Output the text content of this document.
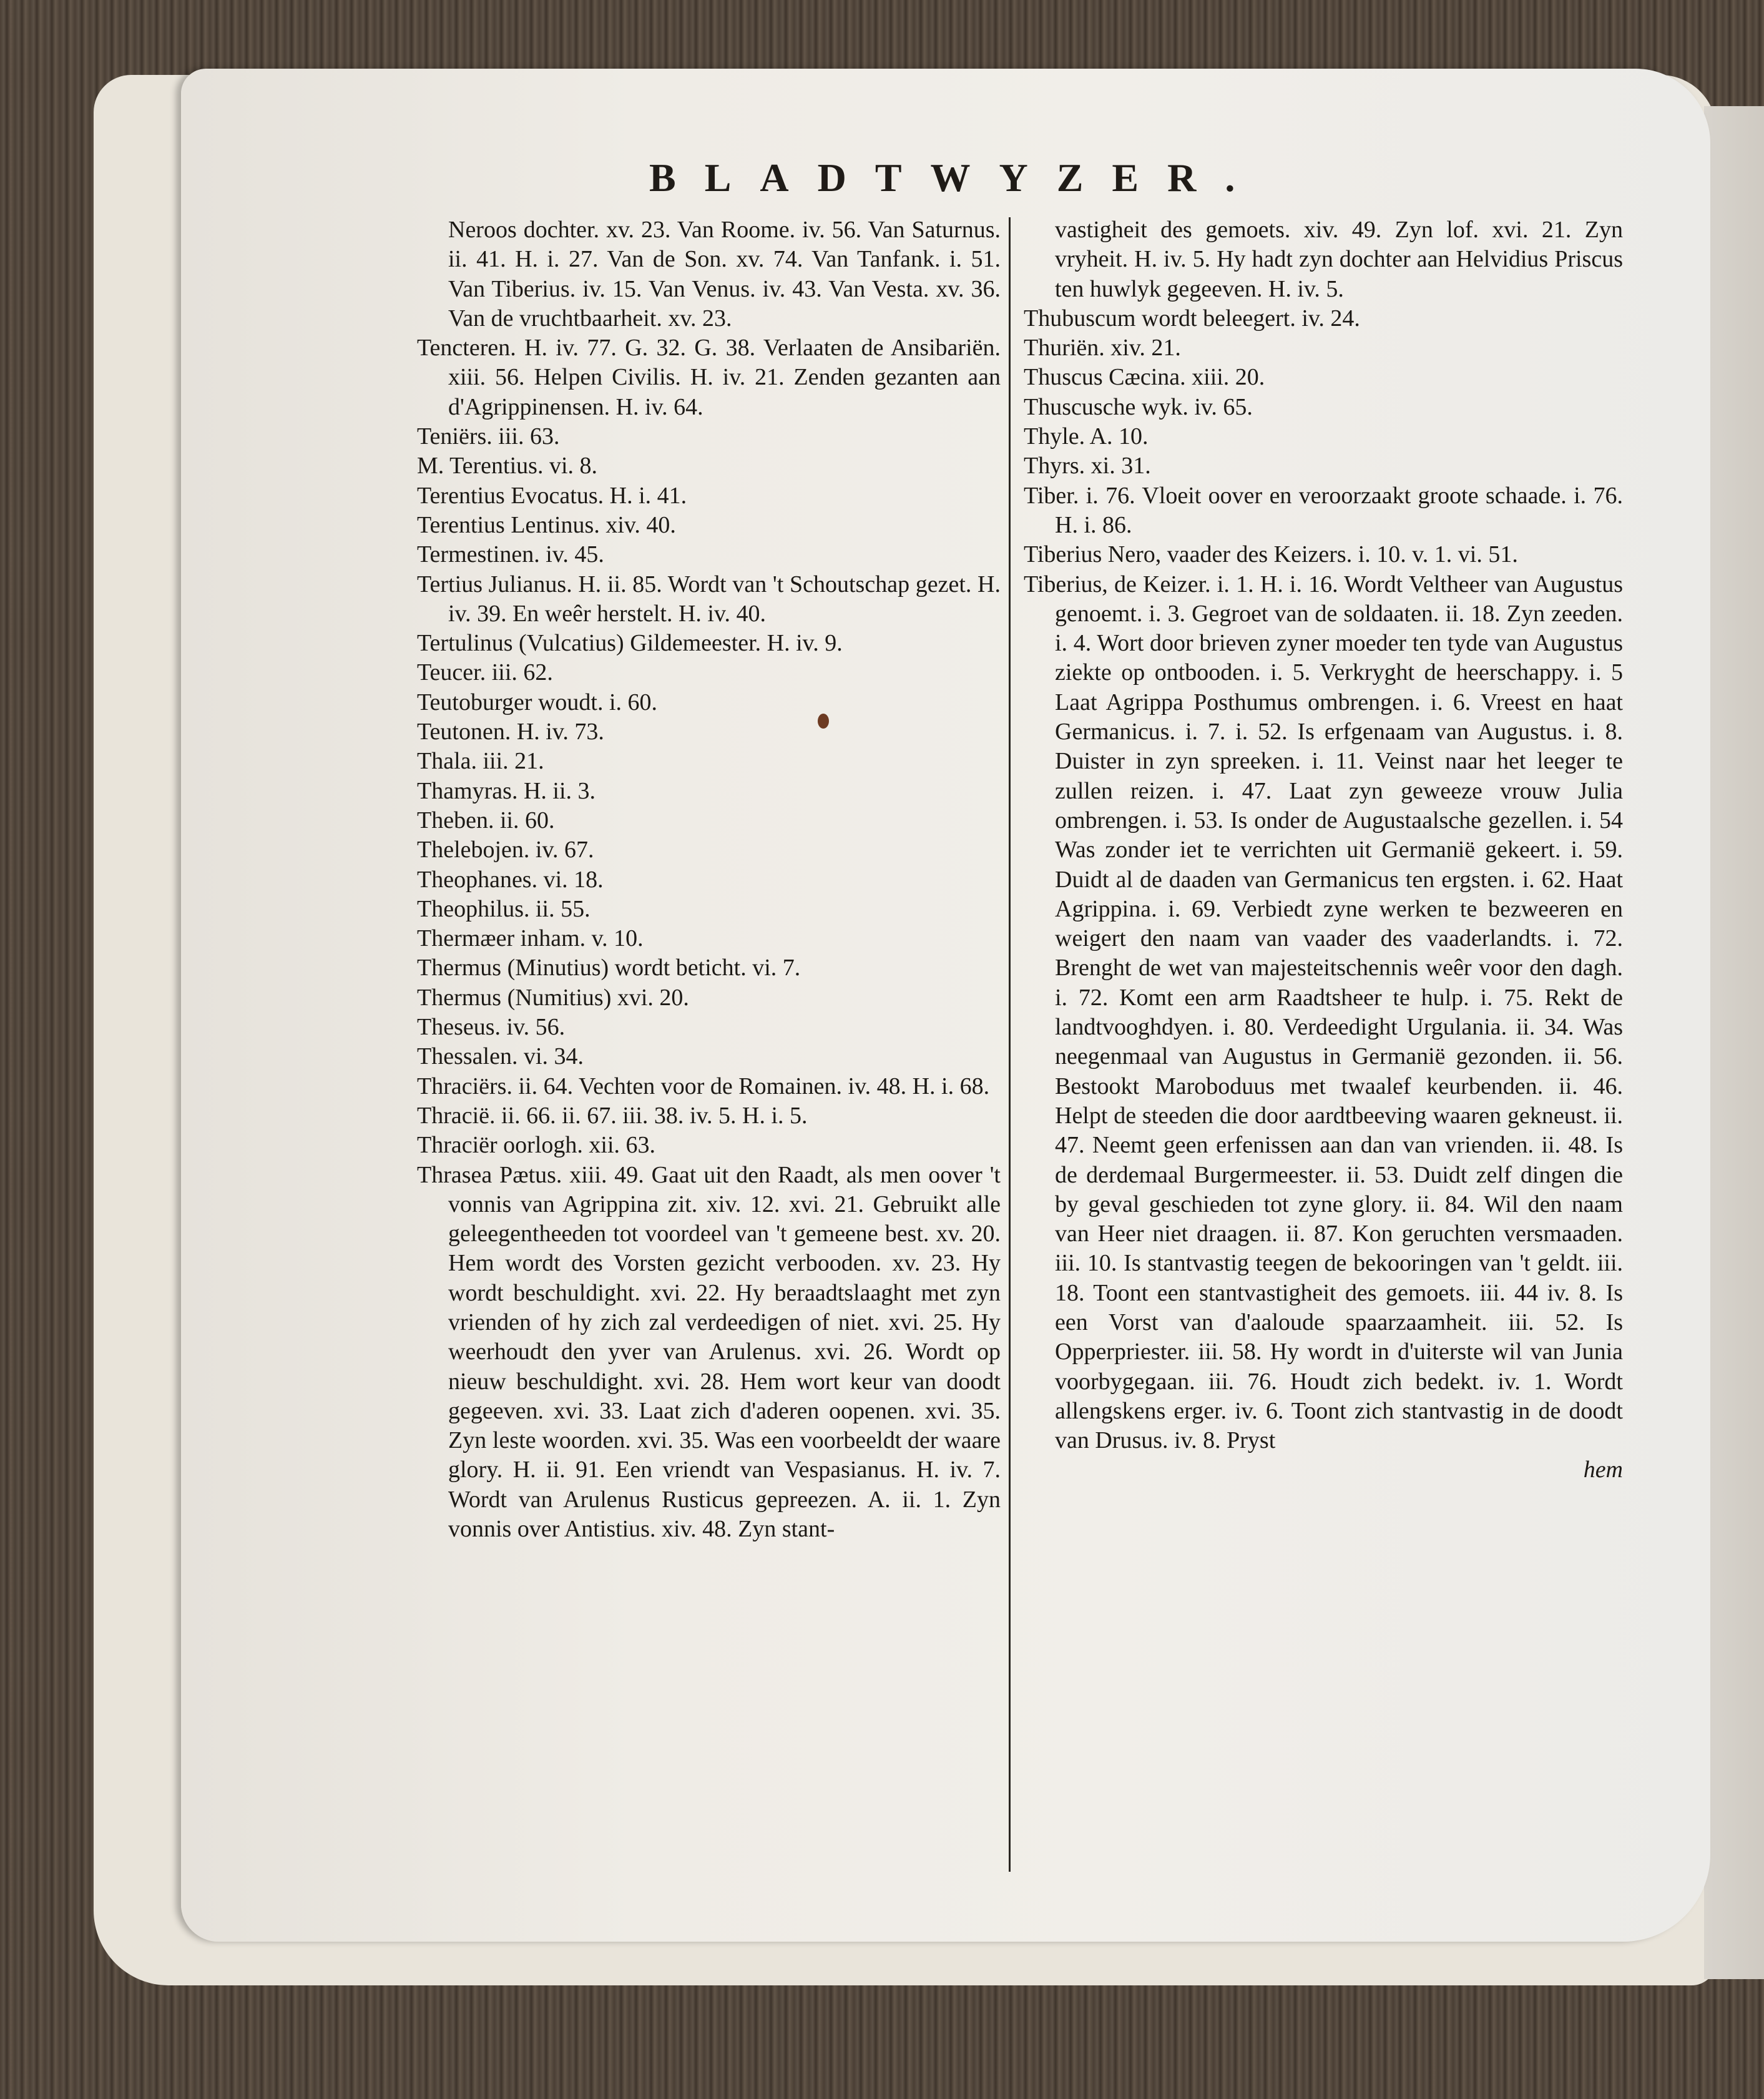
BLADTWYZER.

Neroos dochter. xv. 23. Van Roome. iv. 56. Van Saturnus. ii. 41. H. i. 27. Van de Son. xv. 74. Van Tanfank. i. 51. Van Tiberius. iv. 15. Van Venus. iv. 43. Van Vesta. xv. 36. Van de vruchtbaarheit. xv. 23.

Tencteren. H. iv. 77. G. 32. G. 38. Verlaaten de Ansibariën. xiii. 56. Helpen Civilis. H. iv. 21. Zenden gezanten aan d'Agrippinensen. H. iv. 64.

Teniërs. iii. 63.

M. Terentius. vi. 8.

Terentius Evocatus. H. i. 41.

Terentius Lentinus. xiv. 40.

Termestinen. iv. 45.

Tertius Julianus. H. ii. 85. Wordt van 't Schoutschap gezet. H. iv. 39. En weêr herstelt. H. iv. 40.

Tertulinus (Vulcatius) Gildemeester. H. iv. 9.

Teucer. iii. 62.

Teutoburger woudt. i. 60.

Teutonen. H. iv. 73.

Thala. iii. 21.

Thamyras. H. ii. 3.

Theben. ii. 60.

Thelebojen. iv. 67.

Theophanes. vi. 18.

Theophilus. ii. 55.

Thermæer inham. v. 10.

Thermus (Minutius) wordt beticht. vi. 7.

Thermus (Numitius) xvi. 20.

Theseus. iv. 56.

Thessalen. vi. 34.

Thraciërs. ii. 64. Vechten voor de Romainen. iv. 48. H. i. 68.

Thracië. ii. 66. ii. 67. iii. 38. iv. 5. H. i. 5.

Thraciër oorlogh. xii. 63.

Thrasea Pætus. xiii. 49. Gaat uit den Raadt, als men oover 't vonnis van Agrippina zit. xiv. 12. xvi. 21. Gebruikt alle geleegentheeden tot voordeel van 't gemeene best. xv. 20. Hem wordt des Vorsten gezicht verbooden. xv. 23. Hy wordt beschuldight. xvi. 22. Hy beraadtslaaght met zyn vrienden of hy zich zal verdeedigen of niet. xvi. 25. Hy weerhoudt den yver van Arulenus. xvi. 26. Wordt op nieuw beschuldight. xvi. 28. Hem wort keur van doodt gegeeven. xvi. 33. Laat zich d'aderen oopenen. xvi. 35. Zyn leste woorden. xvi. 35. Was een voorbeeldt der waare glory. H. ii. 91. Een vriendt van Vespasianus. H. iv. 7. Wordt van Arulenus Rusticus gepreezen. A. ii. 1. Zyn vonnis over Antistius. xiv. 48. Zyn stant-

vastigheit des gemoets. xiv. 49. Zyn lof. xvi. 21. Zyn vryheit. H. iv. 5. Hy hadt zyn dochter aan Helvidius Priscus ten huwlyk gegeeven. H. iv. 5.

Thubuscum wordt beleegert. iv. 24.

Thuriën. xiv. 21.

Thuscus Cæcina. xiii. 20.

Thuscusche wyk. iv. 65.

Thyle. A. 10.

Thyrs. xi. 31.

Tiber. i. 76. Vloeit oover en veroorzaakt groote schaade. i. 76. H. i. 86.

Tiberius Nero, vaader des Keizers. i. 10. v. 1. vi. 51.

Tiberius, de Keizer. i. 1. H. i. 16. Wordt Veltheer van Augustus genoemt. i. 3. Gegroet van de soldaaten. ii. 18. Zyn zeeden. i. 4. Wort door brieven zyner moeder ten tyde van Augustus ziekte op ontbooden. i. 5. Verkryght de heerschappy. i. 5 Laat Agrippa Posthumus ombrengen. i. 6. Vreest en haat Germanicus. i. 7. i. 52. Is erfgenaam van Augustus. i. 8. Duister in zyn spreeken. i. 11. Veinst naar het leeger te zullen reizen. i. 47. Laat zyn geweeze vrouw Julia ombrengen. i. 53. Is onder de Augustaalsche gezellen. i. 54 Was zonder iet te verrichten uit Germanië gekeert. i. 59. Duidt al de daaden van Germanicus ten ergsten. i. 62. Haat Agrippina. i. 69. Verbiedt zyne werken te bezweeren en weigert den naam van vaader des vaaderlandts. i. 72. Brenght de wet van majesteitschennis weêr voor den dagh. i. 72. Komt een arm Raadtsheer te hulp. i. 75. Rekt de landtvooghdyen. i. 80. Verdeedight Urgulania. ii. 34. Was neegenmaal van Augustus in Germanië gezonden. ii. 56. Bestookt Maroboduus met twaalef keurbenden. ii. 46. Helpt de steeden die door aardtbeeving waaren gekneust. ii. 47. Neemt geen erfenissen aan dan van vrienden. ii. 48. Is de derdemaal Burgermeester. ii. 53. Duidt zelf dingen die by geval geschieden tot zyne glory. ii. 84. Wil den naam van Heer niet draagen. ii. 87. Kon geruchten versmaaden. iii. 10. Is stantvastig teegen de bekooringen van 't geldt. iii. 18. Toont een stantvastigheit des gemoets. iii. 44 iv. 8. Is een Vorst van d'aaloude spaarzaamheit. iii. 52. Is Opperpriester. iii. 58. Hy wordt in d'uiterste wil van Junia voorbygegaan. iii. 76. Houdt zich bedekt. iv. 1. Wordt allengskens erger. iv. 6. Toont zich stantvastig in de doodt van Drusus. iv. 8. Pryst

hem
